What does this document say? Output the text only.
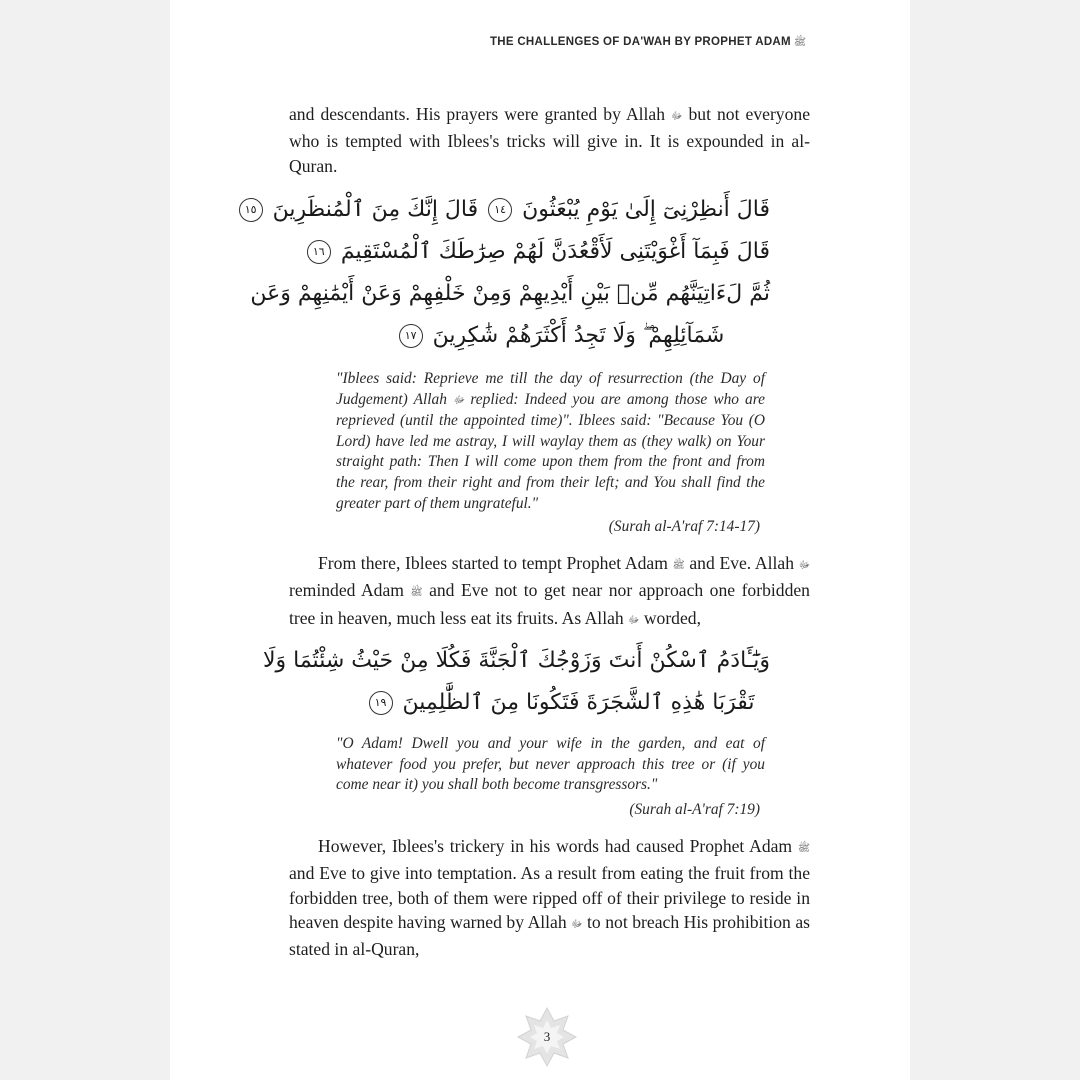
THE CHALLENGES OF DA'WAH BY PROPHET ADAM ﷺ
and descendants. His prayers were granted by Allah ﷻ but not everyone who is tempted with Iblees's tricks will give in. It is expounded in al-Quran.
قَالَ أَنظِرْنِىٓ إِلَىٰ يَوْمِ يُبْعَثُونَ ١٤ قَالَ إِنَّكَ مِنَ ٱلْمُنظَرِينَ ١٥
قَالَ فَبِمَآ أَغْوَيْتَنِى لَأَقْعُدَنَّ لَهُمْ صِرَٰطَكَ ٱلْمُسْتَقِيمَ ١٦
ثُمَّ لَءَاتِيَنَّهُم مِّنۢ بَيْنِ أَيْدِيهِمْ وَمِنْ خَلْفِهِمْ وَعَنْ أَيْمَٰنِهِمْ وَعَن
شَمَآئِلِهِمْ ۖ وَلَا تَجِدُ أَكْثَرَهُمْ شَٰكِرِينَ ١٧
"Iblees said: Reprieve me till the day of resurrection (the Day of Judgement) Allah ﷻ replied: Indeed you are among those who are reprieved (until the appointed time)". Iblees said: "Because You (O Lord) have led me astray, I will waylay them as (they walk) on Your straight path: Then I will come upon them from the front and from the rear, from their right and from their left; and You shall find the greater part of them ungrateful."
(Surah al-A'raf 7:14-17)
From there, Iblees started to tempt Prophet Adam ﷺ and Eve. Allah ﷻ reminded Adam ﷺ and Eve not to get near nor approach one forbidden tree in heaven, much less eat its fruits. As Allah ﷻ worded,
وَيَٰٓـَٔادَمُ ٱسْكُنْ أَنتَ وَزَوْجُكَ ٱلْجَنَّةَ فَكُلَا مِنْ حَيْثُ شِئْتُمَا وَلَا
تَقْرَبَا هَٰذِهِ ٱلشَّجَرَةَ فَتَكُونَا مِنَ ٱلظَّٰلِمِينَ ١٩
"O Adam! Dwell you and your wife in the garden, and eat of whatever food you prefer, but never approach this tree or (if you come near it) you shall both become transgressors."
(Surah al-A'raf 7:19)
However, Iblees's trickery in his words had caused Prophet Adam ﷺ and Eve to give into temptation. As a result from eating the fruit from the forbidden tree, both of them were ripped off of their privilege to reside in heaven despite having warned by Allah ﷻ to not breach His prohibition as stated in al-Quran,
3
